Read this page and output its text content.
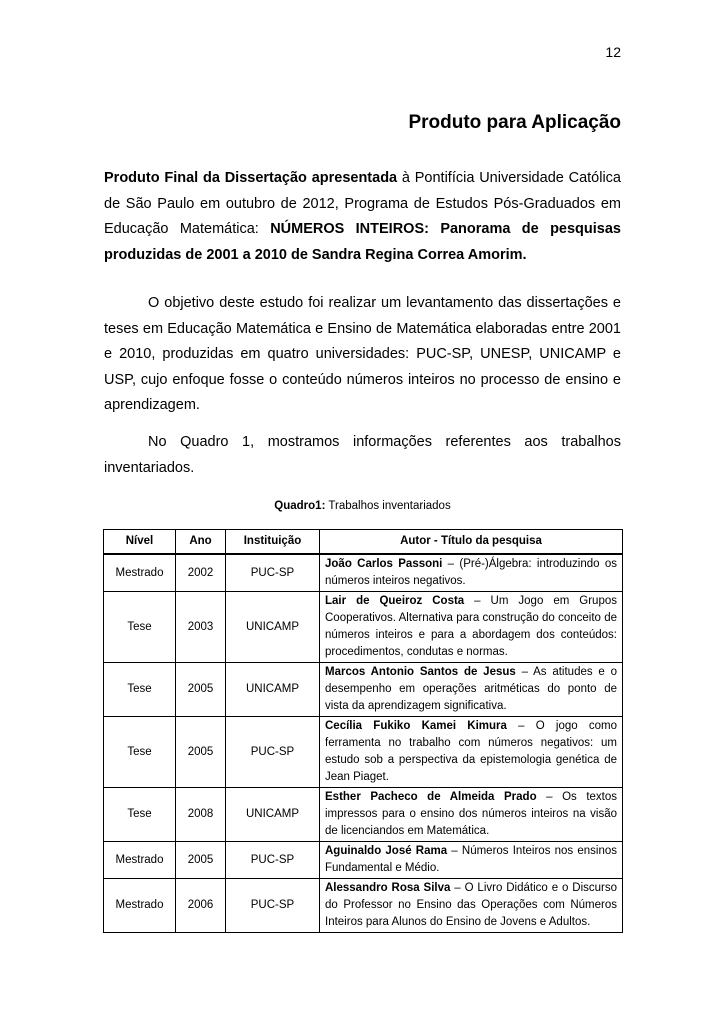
12
Produto para Aplicação

Produto Final da Dissertação apresentada à Pontifícia Universidade Católica de São Paulo em outubro de 2012, Programa de Estudos Pós-Graduados em Educação Matemática: NÚMEROS INTEIROS: Panorama de pesquisas produzidas de 2001 a 2010 de Sandra Regina Correa Amorim.

O objetivo deste estudo foi realizar um levantamento das dissertações e teses em Educação Matemática e Ensino de Matemática elaboradas entre 2001 e 2010, produzidas em quatro universidades: PUC-SP, UNESP, UNICAMP e USP, cujo enfoque fosse o conteúdo números inteiros no processo de ensino e aprendizagem.

No Quadro 1, mostramos informações referentes aos trabalhos inventariados.

Quadro1: Trabalhos inventariados
Nível	Ano	Instituição	Autor - Título da pesquisa
Mestrado	2002	PUC-SP	João Carlos Passoni – (Pré-)Álgebra: introduzindo os números inteiros negativos.
Tese	2003	UNICAMP	Lair de Queiroz Costa – Um Jogo em Grupos Cooperativos. Alternativa para construção do conceito de números inteiros e para a abordagem dos conteúdos: procedimentos, condutas e normas.
Tese	2005	UNICAMP	Marcos Antonio Santos de Jesus – As atitudes e o desempenho em operações aritméticas do ponto de vista da aprendizagem significativa.
Tese	2005	PUC-SP	Cecília Fukiko Kamei Kimura – O jogo como ferramenta no trabalho com números negativos: um estudo sob a perspectiva da epistemologia genética de Jean Piaget.
Tese	2008	UNICAMP	Esther Pacheco de Almeida Prado – Os textos impressos para o ensino dos números inteiros na visão de licenciandos em Matemática.
Mestrado	2005	PUC-SP	Aguinaldo José Rama – Números Inteiros nos ensinos Fundamental e Médio.
Mestrado	2006	PUC-SP	Alessandro Rosa Silva – O Livro Didático e o Discurso do Professor no Ensino das Operações com Números Inteiros para Alunos do Ensino de Jovens e Adultos.
